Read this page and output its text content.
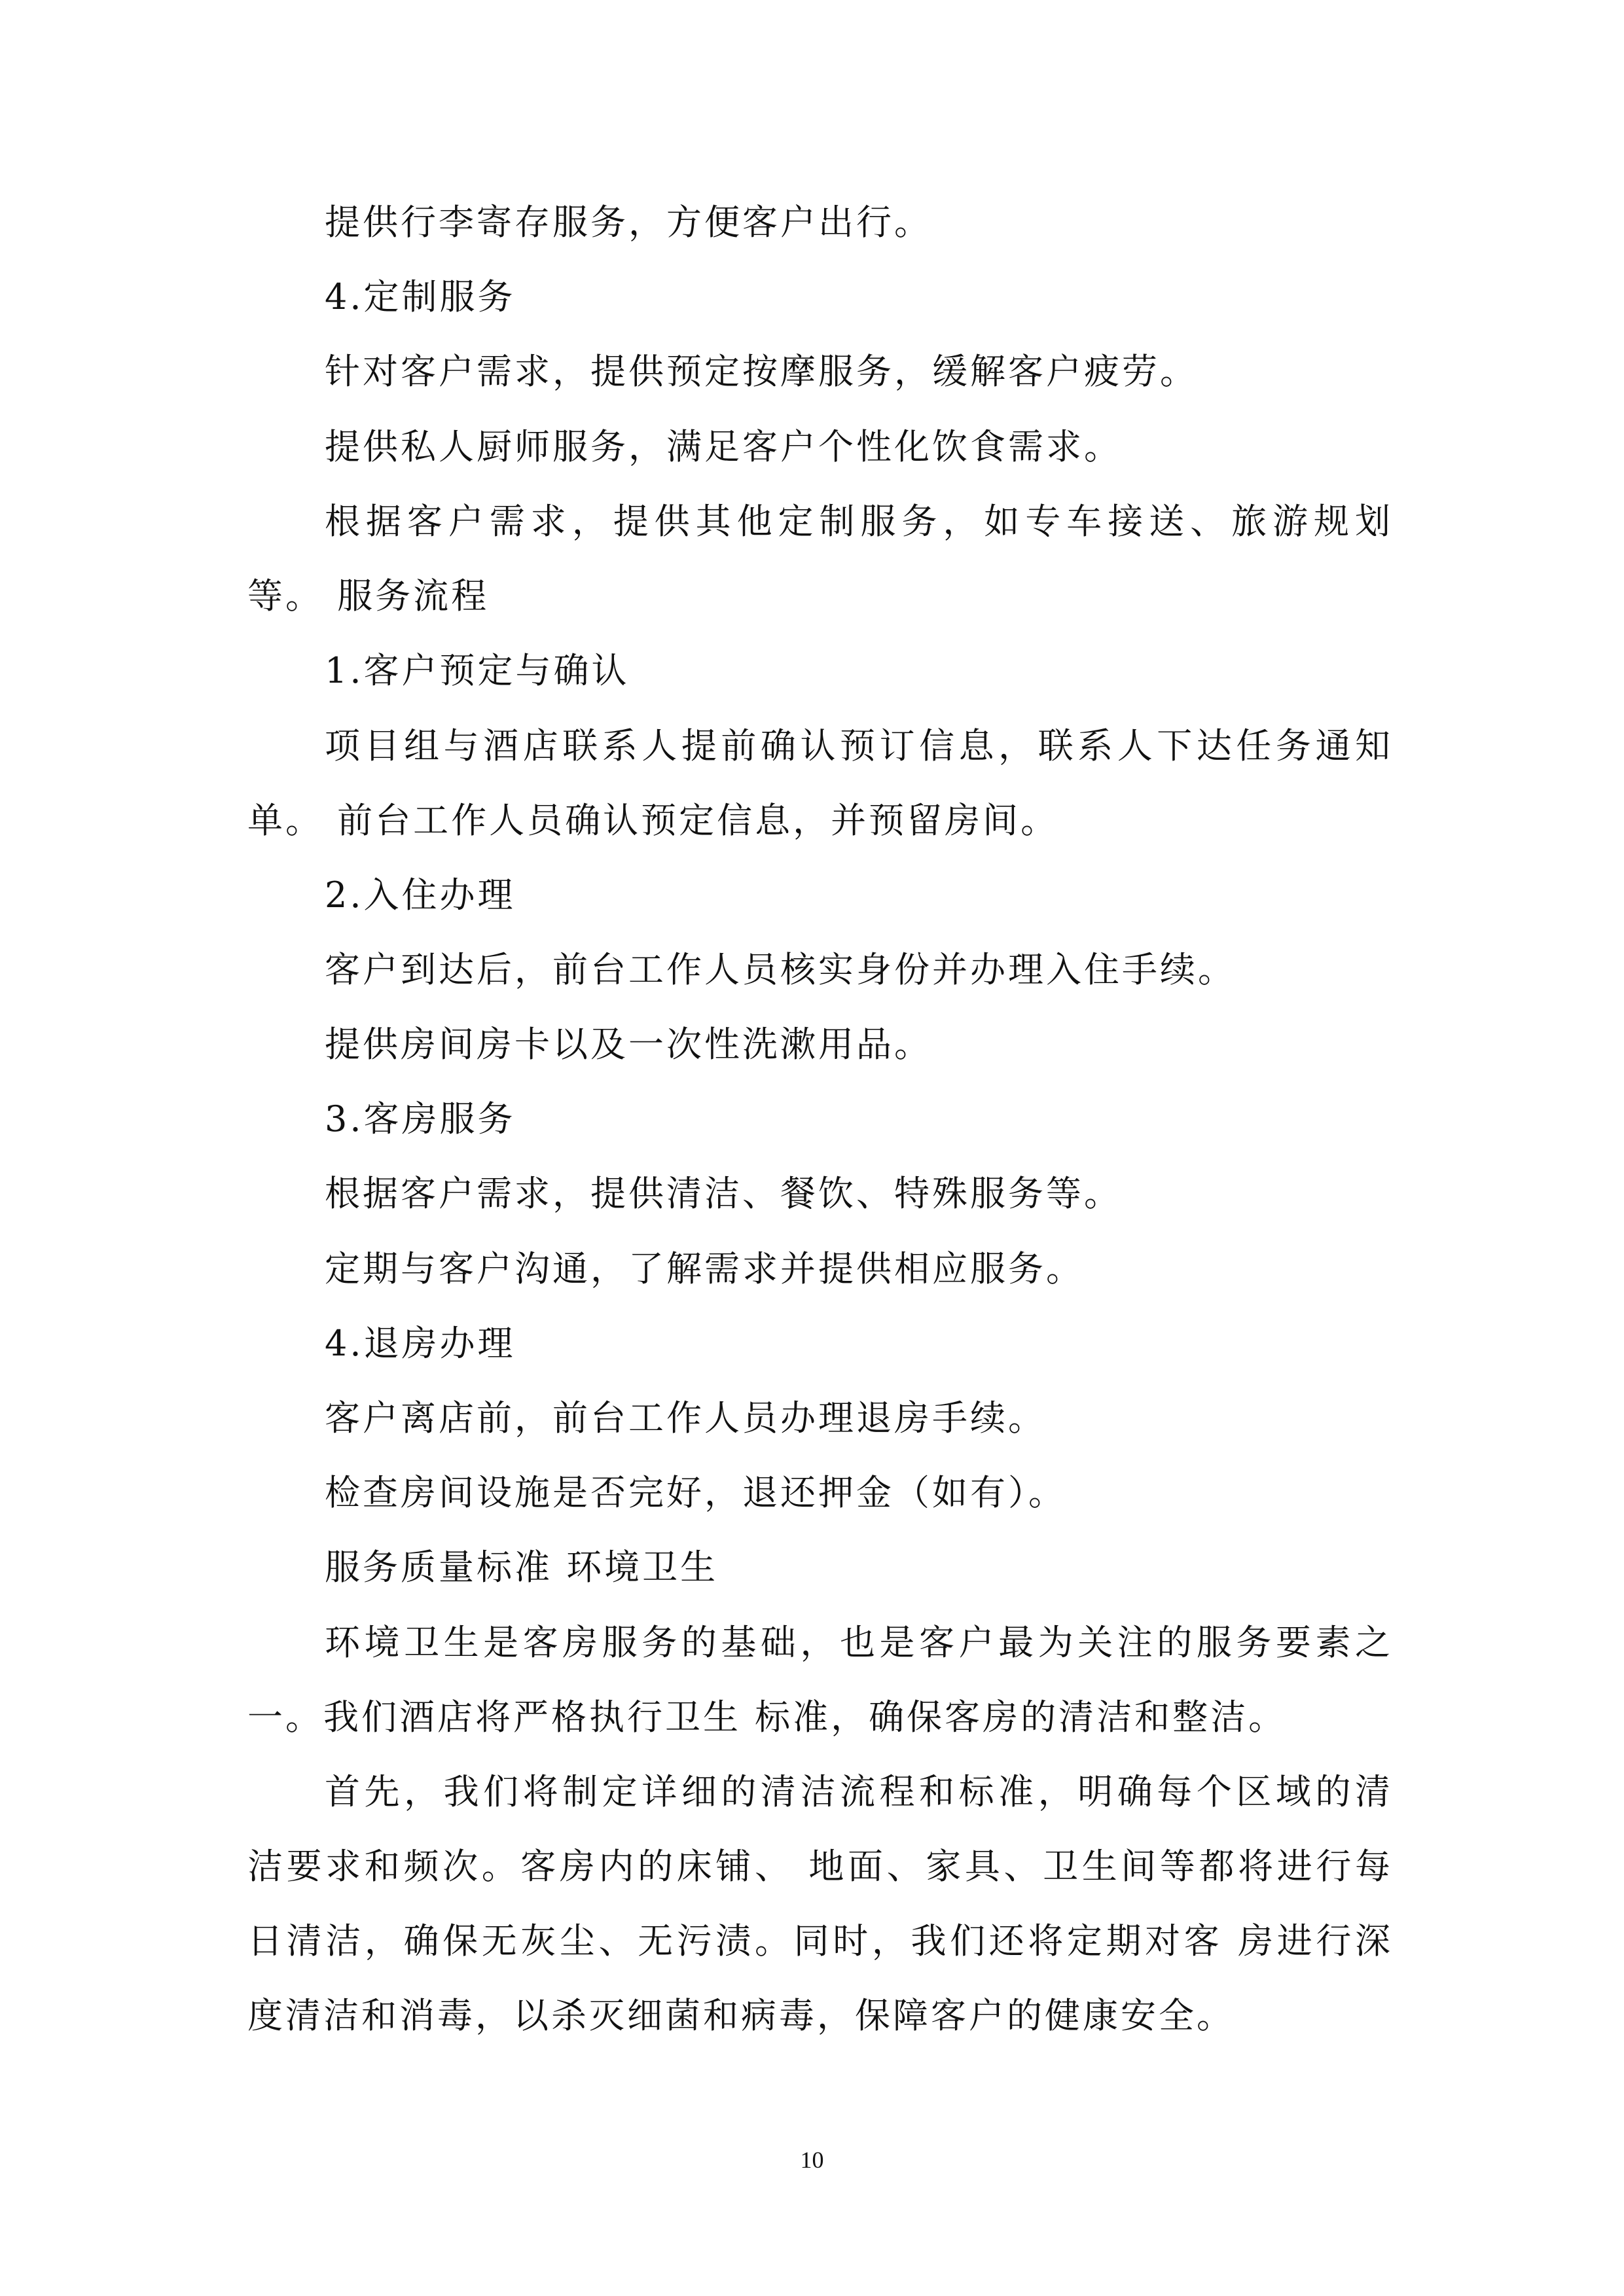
提供行李寄存服务，方便客户出行。
4.定制服务
针对客户需求，提供预定按摩服务，缓解客户疲劳。
提供私人厨师服务，满足客户个性化饮食需求。
根据客户需求，提供其他定制服务，如专车接送、旅游规划
等。 服务流程
1.客户预定与确认
项目组与酒店联系人提前确认预订信息，联系人下达任务通知
单。 前台工作人员确认预定信息，并预留房间。
2.入住办理
客户到达后，前台工作人员核实身份并办理入住手续。
提供房间房卡以及一次性洗漱用品。
3.客房服务
根据客户需求，提供清洁、餐饮、特殊服务等。
定期与客户沟通，了解需求并提供相应服务。
4.退房办理
客户离店前，前台工作人员办理退房手续。
检查房间设施是否完好，退还押金（如有）。
服务质量标准 环境卫生
环境卫生是客房服务的基础，也是客户最为关注的服务要素之
一。我们酒店将严格执行卫生 标准，确保客房的清洁和整洁。
首先，我们将制定详细的清洁流程和标准，明确每个区域的清
洁要求和频次。客房内的床铺、 地面、家具、卫生间等都将进行每
日清洁，确保无灰尘、无污渍。同时，我们还将定期对客 房进行深
度清洁和消毒，以杀灭细菌和病毒，保障客户的健康安全。
10
